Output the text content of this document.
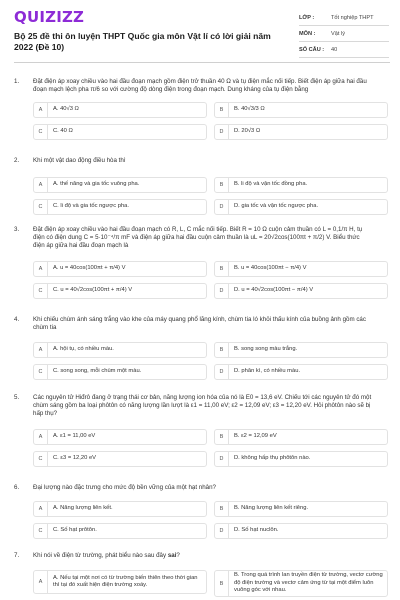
QUIZIZZ
Bộ 25 đề thi ôn luyện THPT Quốc gia môn Vật lí có lời giải năm 2022 (Đề 10)
LỚP :	Tốt nghiệp THPT
MÔN :	Vật lý
SỐ CÂU :	40
1. Đặt điện áp xoay chiều vào hai đầu đoạn mạch gồm điện trở thuần 40 Ω và tụ điện mắc nối tiếp. Biết điện áp giữa hai đầu đoạn mạch lệch pha π/6 so với cường độ dòng điện trong đoạn mạch. Dung kháng của tụ điện bằng
A	A. 40√3 Ω	B	B. 40√3/3 Ω
C	C. 40 Ω	D	D. 20√3 Ω
2. Khi một vật dao động điều hòa thì
A	A. thế năng và gia tốc vuông pha.	B	B. li độ và vận tốc đồng pha.
C	C. li độ và gia tốc ngược pha.	D	D. gia tốc và vận tốc ngược pha.
3. Đặt điện áp xoay chiều vào hai đầu đoạn mạch có R, L, C mắc nối tiếp. Biết R = 10 Ω cuộn cảm thuần có L = 0,1/π H, tụ điện có điện dung C = 5·10⁻⁴/π mF và điện áp giữa hai đầu cuộn cảm thuần là uL = 20√2cos(100πt + π/2) V. Biểu thức điện áp giữa hai đầu đoạn mạch là
A	A. u = 40cos(100πt + π/4) V	B	B. u = 40cos(100πt − π/4) V
C	C. u = 40√2cos(100πt + π/4) V	D	D. u = 40√2cos(100πt − π/4) V
4. Khi chiếu chùm ánh sáng trắng vào khe của máy quang phổ lăng kính, chùm tia ló khỏi thấu kính của buồng ảnh gồm các chùm tia
A	A. hội tụ, có nhiều màu.	B	B. song song màu trắng.
C	C. song song, mỗi chùm một màu.	D	D. phân kì, có nhiều màu.
5. Các nguyên tử Hiđrô đang ở trạng thái cơ bản, năng lượng ion hóa của nó là E0 = 13,6 eV. Chiếu tới các nguyên tử đó một chùm sáng gồm ba loại phôtôn có năng lượng lần lượt là ε1 = 11,00 eV; ε2 = 12,09 eV; ε3 = 12,20 eV. Hỏi phôtôn nào sẽ bị hấp thụ?
A	A. ε1 = 11,00 eV	B	B. ε2 = 12,09 eV
C	C. ε3 = 12,20 eV	D	D. không hấp thụ phôtôn nào.
6. Đại lượng nào đặc trưng cho mức độ bền vững của một hạt nhân?
A	A. Năng lượng liên kết.	B	B. Năng lượng liên kết riêng.
C	C. Số hạt prôtôn.	D	D. Số hạt nuclôn.
7. Khi nói về điện từ trường, phát biểu nào sau đây sai?
A
A. Nếu tại một nơi có từ trường biến thiên theo thời gian thì tại đó xuất hiện điện trường xoáy.	B
B. Trong quá trình lan truyền điện từ trường, vectơ cường độ điện trường và vectơ cảm ứng từ tại một điểm luôn vuông góc với nhau.
